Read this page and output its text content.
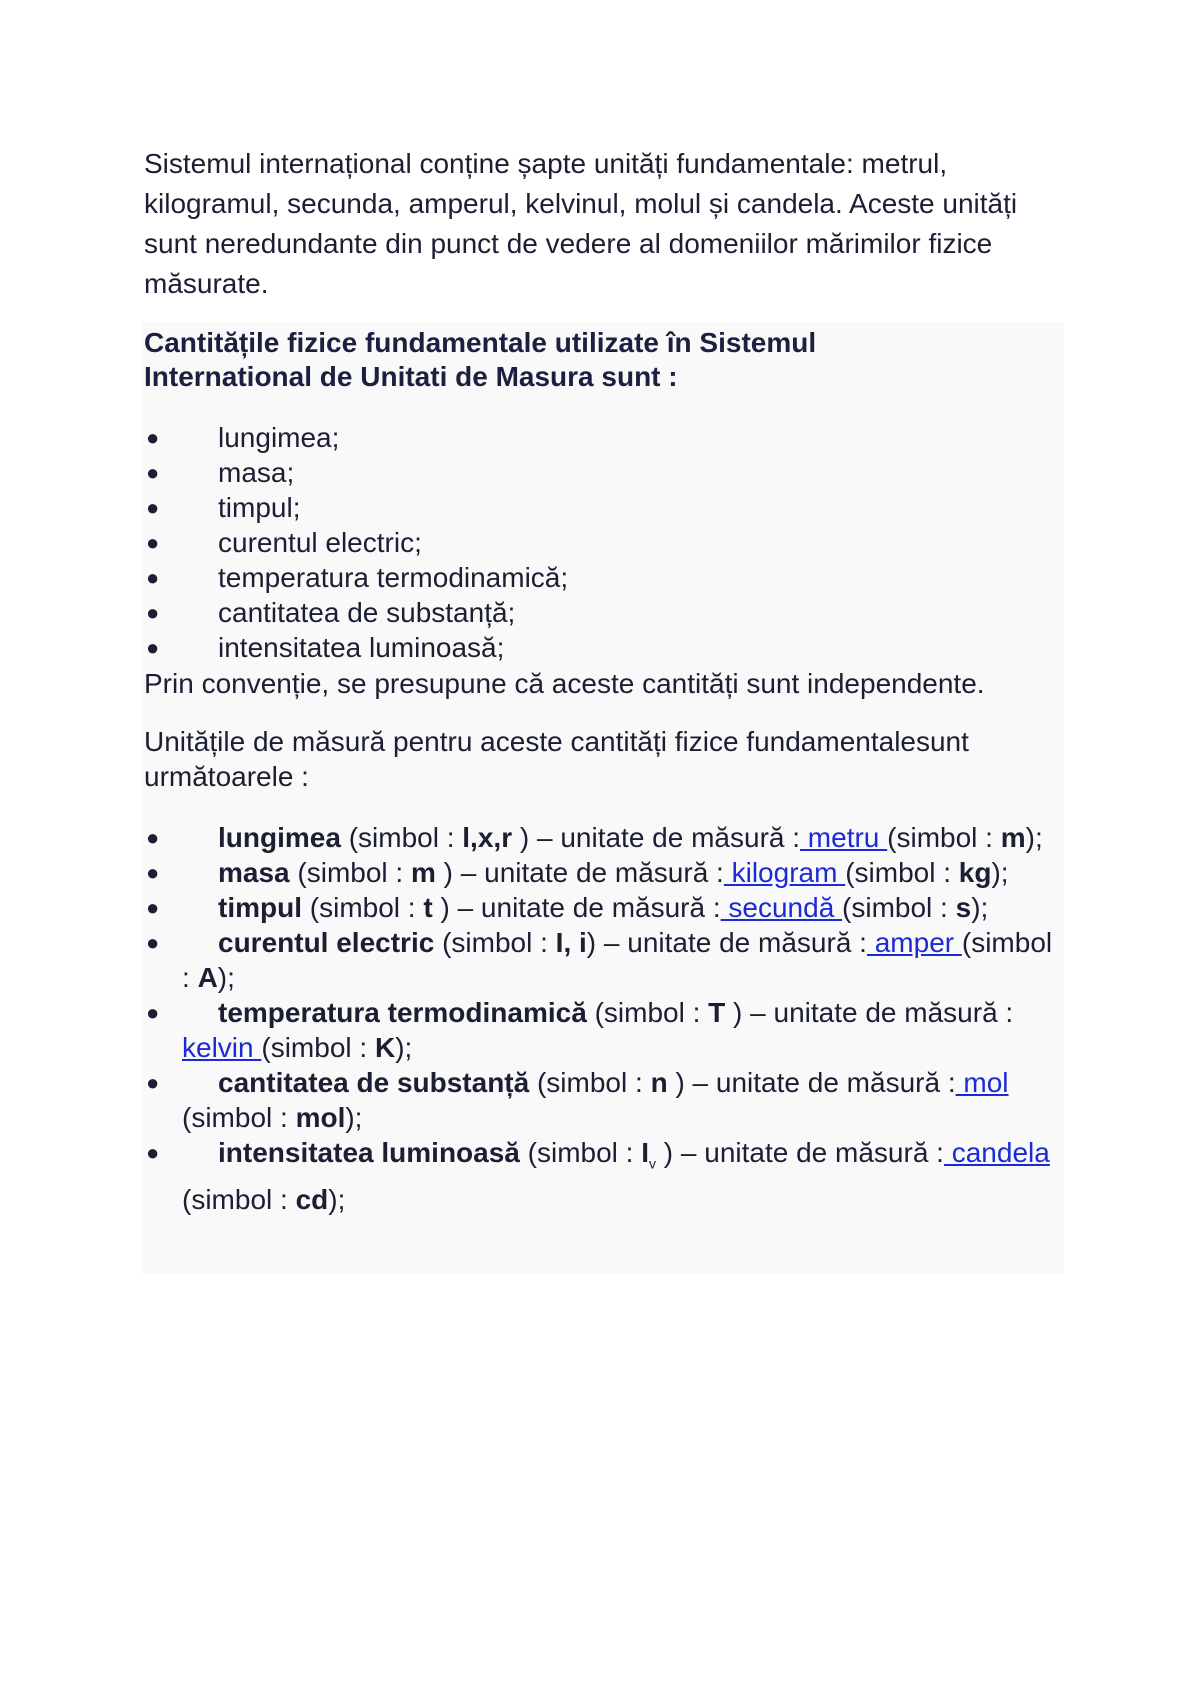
Sistemul internațional conține șapte unități fundamentale: metrul, kilogramul, secunda, amperul, kelvinul, molul și candela. Aceste unități sunt neredundante din punct de vedere al domeniilor mărimilor fizice măsurate.

Cantitățile fizice fundamentale utilizate în Sistemul
International de Unitati de Masura sunt :
● lungimea;
● masa;
● timpul;
● curentul electric;
● temperatura termodinamică;
● cantitatea de substanță;
● intensitatea luminoasă;

Prin convenție, se presupune că aceste cantități sunt independente.

Unitățile de măsură pentru aceste cantități fizice fundamentalesunt următoarele :

● lungimea (simbol : l,x,r ) – unitate de măsură : metru (simbol : m);
● masa (simbol : m ) – unitate de măsură : kilogram (simbol : kg);
● timpul (simbol : t ) – unitate de măsură : secundă (simbol : s);
● curentul electric (simbol : I, i) – unitate de măsură : amper (simbol : A);
● temperatura termodinamică (simbol : T ) – unitate de măsură : kelvin (simbol : K);
● cantitatea de substanță (simbol : n ) – unitate de măsură : mol (simbol : mol);
● intensitatea luminoasă (simbol : $I_v$ ) – unitate de măsură : candela (simbol : cd);
